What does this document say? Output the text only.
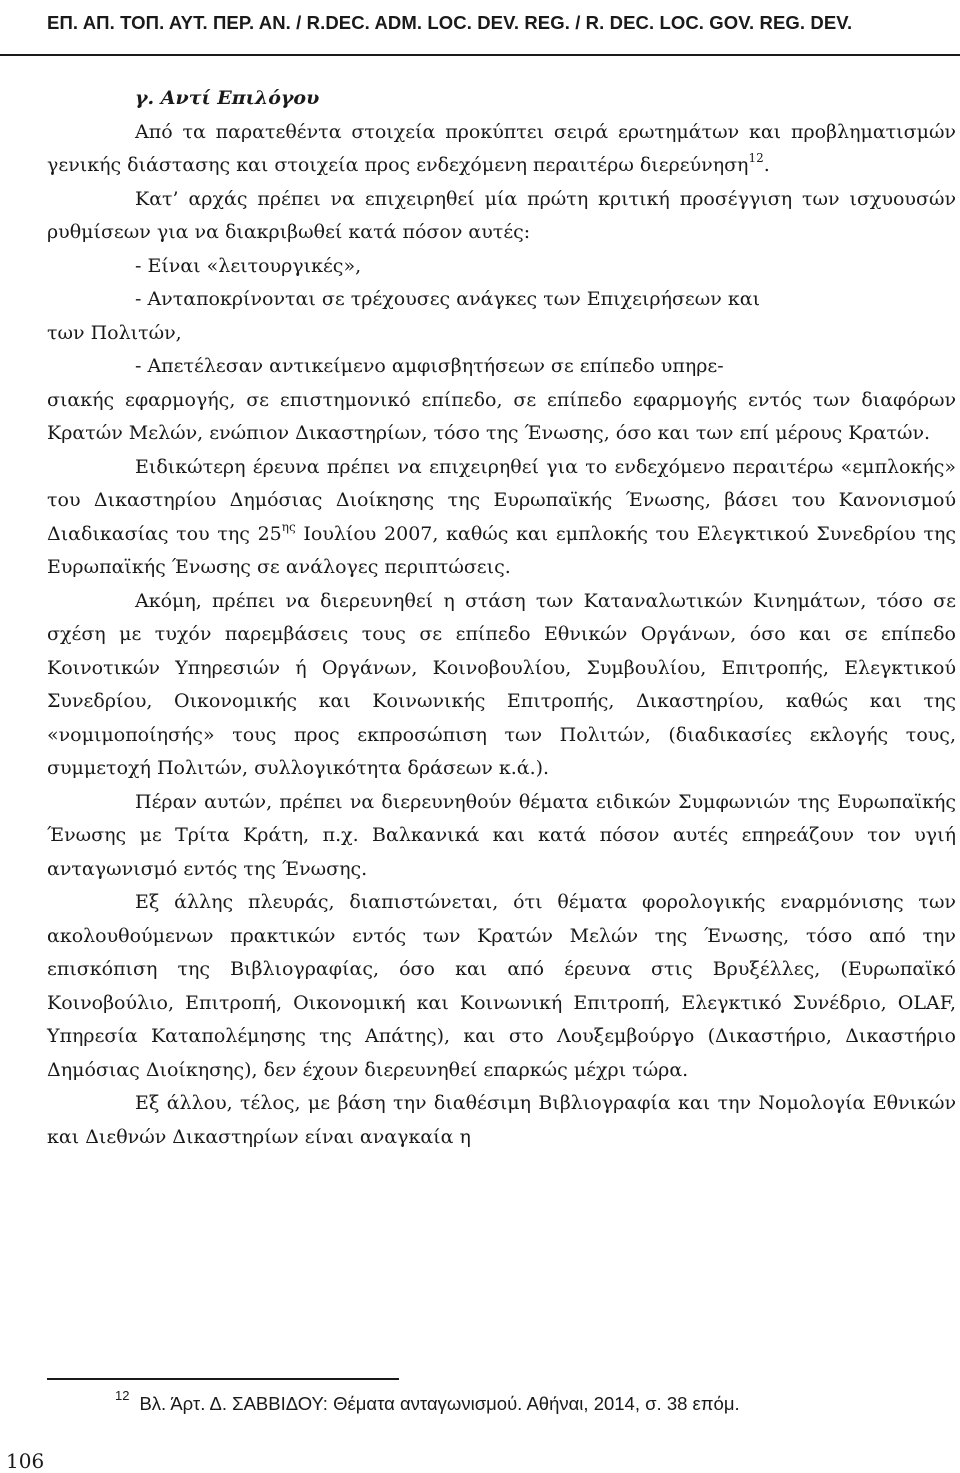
ΕΠ. ΑΠ. ΤΟΠ. ΑΥΤ. ΠΕΡ. ΑΝ. / R.DEC. ADM. LOC. DEV. REG. / R. DEC. LOC. GOV. REG. DEV.

γ. Αντί Επιλόγου

Από τα παρατεθέντα στοιχεία προκύπτει σειρά ερωτημάτων και προβληματισμών γενικής διάστασης και στοιχεία προς ενδεχόμενη περαιτέρω διερεύνηση$^{12}$.

Κατ’ αρχάς πρέπει να επιχειρηθεί μία πρώτη κριτική προσέγγιση των ισχυουσών ρυθμίσεων για να διακριβωθεί κατά πόσον αυτές:

- Είναι «λειτουργικές»,

- Ανταποκρίνονται σε τρέχουσες ανάγκες των Επιχειρήσεων και

των Πολιτών,

- Απετέλεσαν αντικείμενο αμφισβητήσεων σε επίπεδο υπηρε-

σιακής εφαρμογής, σε επιστημονικό επίπεδο, σε επίπεδο εφαρμογής εντός των διαφόρων Κρατών Μελών, ενώπιον Δικαστηρίων, τόσο της Ένωσης, όσο και των επί μέρους Κρατών.

Ειδικώτερη έρευνα πρέπει να επιχειρηθεί για το ενδεχόμενο περαιτέρω «εμπλοκής» του Δικαστηρίου Δημόσιας Διοίκησης της Ευρωπαϊκής Ένωσης, βάσει του Κανονισμού Διαδικασίας του της $25^{\eta\varsigma}$ Ιουλίου 2007, καθώς και εμπλοκής του Ελεγκτικού Συνεδρίου της Ευρωπαϊκής Ένωσης σε ανάλογες περιπτώσεις.

Ακόμη, πρέπει να διερευνηθεί η στάση των Καταναλωτικών Κινημάτων, τόσο σε σχέση με τυχόν παρεμβάσεις τους σε επίπεδο Εθνικών Οργάνων, όσο και σε επίπεδο Κοινοτικών Υπηρεσιών ή Οργάνων, Κοινοβουλίου, Συμβουλίου, Επιτροπής, Ελεγκτικού Συνεδρίου, Οικονομικής και Κοινωνικής Επιτροπής, Δικαστηρίου, καθώς και της «νομιμοποίησής» τους προς εκπροσώπιση των Πολιτών, (διαδικασίες εκλογής τους, συμμετοχή Πολιτών, συλλογικότητα δράσεων κ.ά.).

Πέραν αυτών, πρέπει να διερευνηθούν θέματα ειδικών Συμφωνιών της Ευρωπαϊκής Ένωσης με Τρίτα Κράτη, π.χ. Βαλκανικά και κατά πόσον αυτές επηρεάζουν τον υγιή ανταγωνισμό εντός της Ένωσης.

Εξ άλλης πλευράς, διαπιστώνεται, ότι θέματα φορολογικής εναρμόνισης των ακολουθούμενων πρακτικών εντός των Κρατών Μελών της Ένωσης, τόσο από την επισκόπιση της Βιβλιογραφίας, όσο και από έρευνα στις Βρυξέλλες, (Ευρωπαϊκό Κοινοβούλιο, Επιτροπή, Οικονομική και Κοινωνική Επιτροπή, Ελεγκτικό Συνέδριο, OLAF, Υπηρεσία Καταπολέμησης της Απάτης), και στο Λουξεμβούργο (Δικαστήριο, Δικαστήριο Δημόσιας Διοίκησης), δεν έχουν διερευνηθεί επαρκώς μέχρι τώρα.

Εξ άλλου, τέλος, με βάση την διαθέσιμη Βιβλιογραφία και την Νομολογία Εθνικών και Διεθνών Δικαστηρίων είναι αναγκαία η

$^{12}$ Βλ. Άρτ. Δ. ΣΑΒΒΙΔΟΥ: Θέματα ανταγωνισμού. Αθήναι, 2014, σ. 38 επόμ.
106
